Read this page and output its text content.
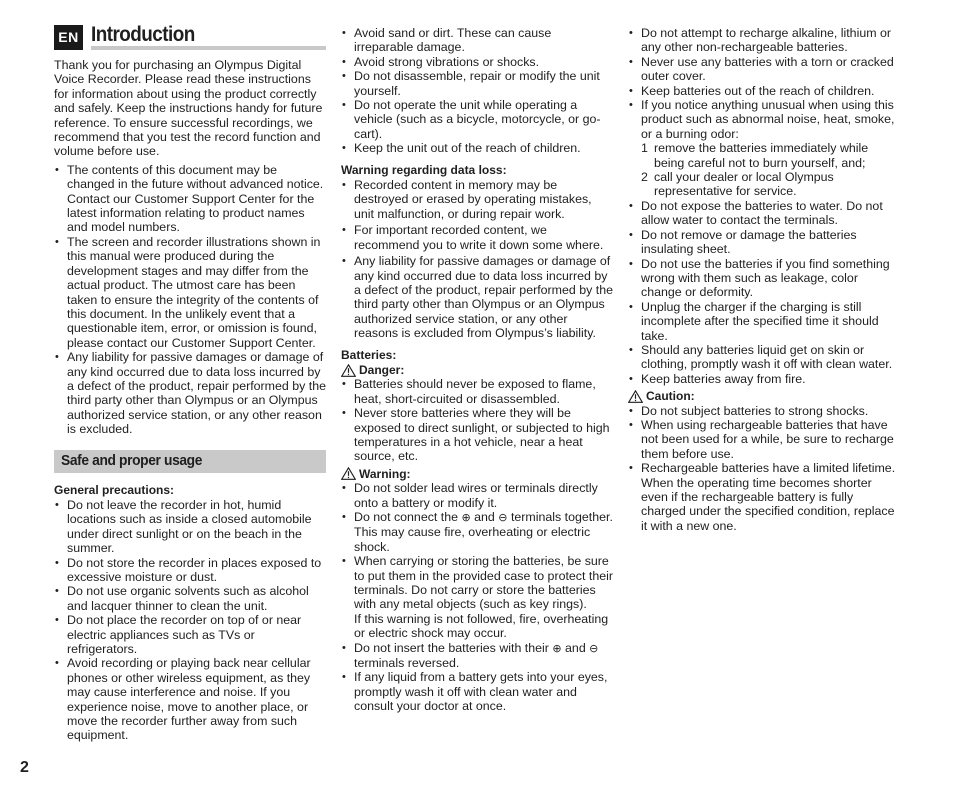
EN Introduction

Thank you for purchasing an Olympus Digital Voice Recorder. Please read these instructions for information about using the product correctly and safely. Keep the instructions handy for future reference. To ensure successful recordings, we recommend that you test the record function and volume before use.

• The contents of this document may be changed in the future without advanced notice. Contact our Customer Support Center for the latest information relating to product names and model numbers.
• The screen and recorder illustrations shown in this manual were produced during the development stages and may differ from the actual product. The utmost care has been taken to ensure the integrity of the contents of this document. In the unlikely event that a questionable item, error, or omission is found, please contact our Customer Support Center.
• Any liability for passive damages or damage of any kind occurred due to data loss incurred by a defect of the product, repair performed by the third party other than Olympus or an Olympus authorized service station, or any other reason is excluded.
Safe and proper usage
General precautions:
• Do not leave the recorder in hot, humid locations such as inside a closed automobile under direct sunlight or on the beach in the summer.
• Do not store the recorder in places exposed to excessive moisture or dust.
• Do not use organic solvents such as alcohol and lacquer thinner to clean the unit.
• Do not place the recorder on top of or near electric appliances such as TVs or refrigerators.
• Avoid recording or playing back near cellular phones or other wireless equipment, as they may cause interference and noise. If you experience noise, move to another place, or move the recorder further away from such equipment.
• Avoid sand or dirt. These can cause irreparable damage.
• Avoid strong vibrations or shocks.
• Do not disassemble, repair or modify the unit yourself.
• Do not operate the unit while operating a vehicle (such as a bicycle, motorcycle, or go-cart).
• Keep the unit out of the reach of children.
Warning regarding data loss:
• Recorded content in memory may be destroyed or erased by operating mistakes, unit malfunction, or during repair work.
• For important recorded content, we recommend you to write it down some where.
• Any liability for passive damages or damage of any kind occurred due to data loss incurred by a defect of the product, repair performed by the third party other than Olympus or an Olympus authorized service station, or any other reasons is excluded from Olympus’s liability.
Batteries:
Danger:
• Batteries should never be exposed to flame, heat, short-circuited or disassembled.
• Never store batteries where they will be exposed to direct sunlight, or subjected to high temperatures in a hot vehicle, near a heat source, etc.
Warning:
• Do not solder lead wires or terminals directly onto a battery or modify it.
• Do not connect the ⊕ and ⊖ terminals together. This may cause fire, overheating or electric shock.
• When carrying or storing the batteries, be sure to put them in the provided case to protect their terminals. Do not carry or store the batteries with any metal objects (such as key rings).
If this warning is not followed, fire, overheating or electric shock may occur.
• Do not insert the batteries with their ⊕ and ⊖ terminals reversed.
• If any liquid from a battery gets into your eyes, promptly wash it off with clean water and consult your doctor at once.
• Do not attempt to recharge alkaline, lithium or any other non-rechargeable batteries.
• Never use any batteries with a torn or cracked outer cover.
• Keep batteries out of the reach of children.
• If you notice anything unusual when using this product such as abnormal noise, heat, smoke, or a burning odor:
1 remove the batteries immediately while being careful not to burn yourself, and;
2 call your dealer or local Olympus representative for service.
• Do not expose the batteries to water. Do not allow water to contact the terminals.
• Do not remove or damage the batteries insulating sheet.
• Do not use the batteries if you find something wrong with them such as leakage, color change or deformity.
• Unplug the charger if the charging is still incomplete after the specified time it should take.
• Should any batteries liquid get on skin or clothing, promptly wash it off with clean water.
• Keep batteries away from fire.
Caution:
• Do not subject batteries to strong shocks.
• When using rechargeable batteries that have not been used for a while, be sure to recharge them before use.
• Rechargeable batteries have a limited lifetime. When the operating time becomes shorter even if the rechargeable battery is fully charged under the specified condition, replace it with a new one.
2
